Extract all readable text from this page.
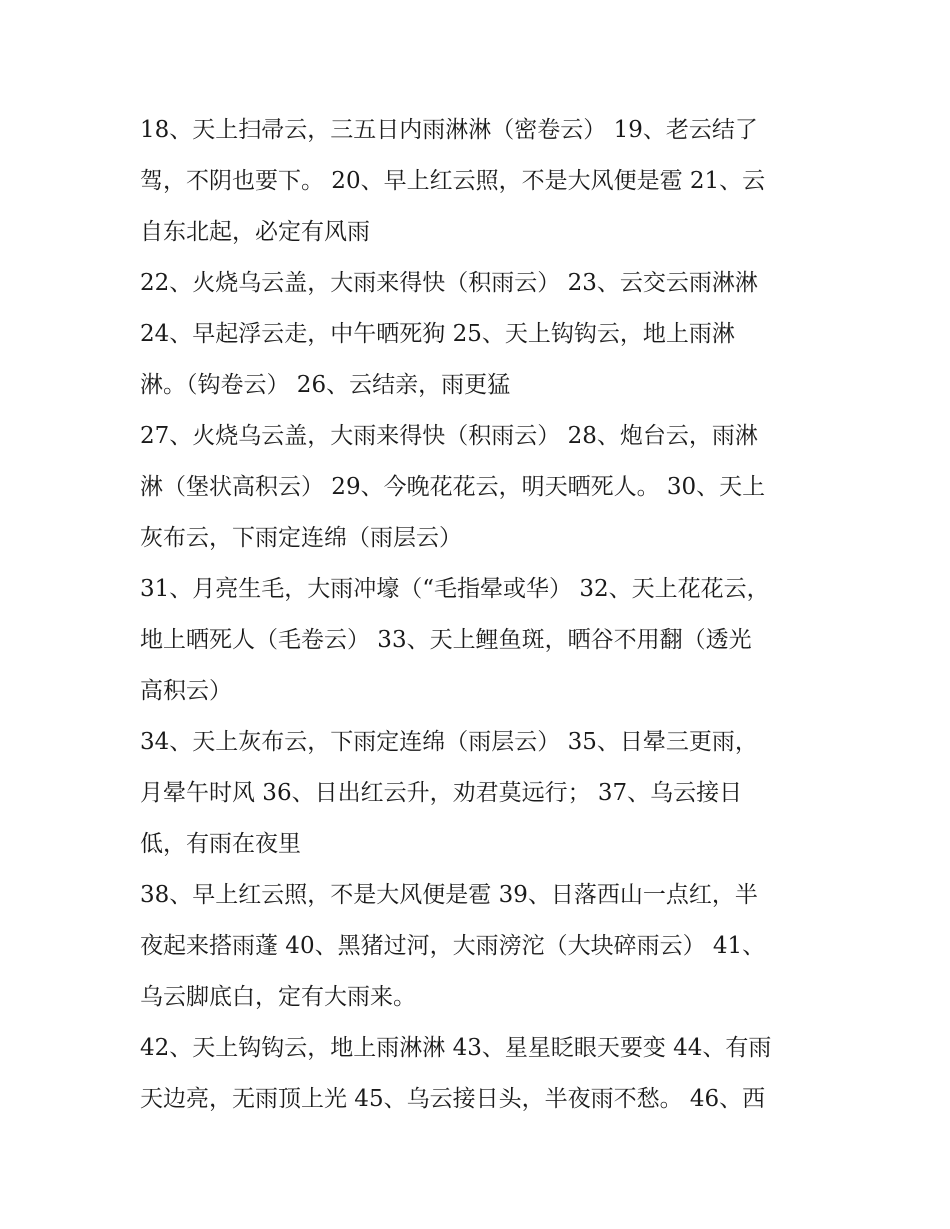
18、天上扫帚云，三五日内雨淋淋（密卷云） 19、老云结了
驾，不阴也要下。 20、早上红云照，不是大风便是雹 21、云
自东北起，必定有风雨
22、火烧乌云盖，大雨来得快（积雨云） 23、云交云雨淋淋
24、早起浮云走，中午晒死狗 25、天上钩钩云，地上雨淋
淋。（钩卷云） 26、云结亲，雨更猛
27、火烧乌云盖，大雨来得快（积雨云） 28、炮台云，雨淋
淋（堡状高积云） 29、今晚花花云，明天晒死人。 30、天上
灰布云，下雨定连绵（雨层云）
31、月亮生毛，大雨冲壕（“毛指晕或华） 32、天上花花云，
地上晒死人（毛卷云） 33、天上鲤鱼斑，晒谷不用翻（透光
高积云）
34、天上灰布云，下雨定连绵（雨层云） 35、日晕三更雨，
月晕午时风 36、日出红云升，劝君莫远行； 37、乌云接日
低，有雨在夜里
38、早上红云照，不是大风便是雹 39、日落西山一点红，半
夜起来搭雨蓬 40、黑猪过河，大雨滂沱（大块碎雨云） 41、
乌云脚底白，定有大雨来。
42、天上钩钩云，地上雨淋淋 43、星星眨眼天要变 44、有雨
天边亮，无雨顶上光 45、乌云接日头，半夜雨不愁。 46、西
